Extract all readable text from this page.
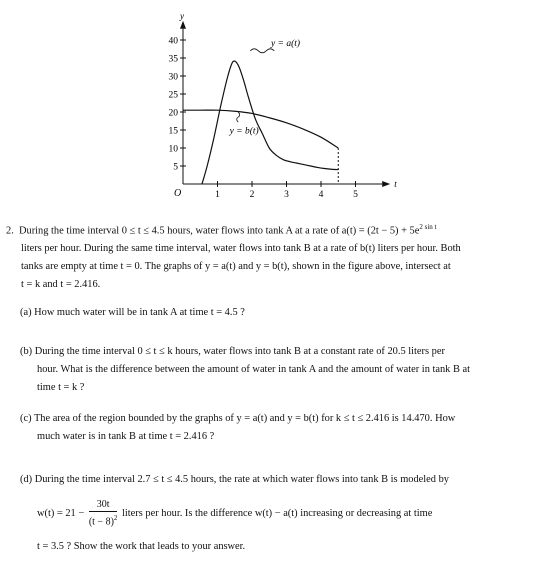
y
t
O	1	2	3	4	5
5
10
15
20
25
30
35
40	y = a(t)
y = b(t)

2. During the time interval 0 ≤ t ≤ 4.5 hours, water flows into tank A at a rate of $a(t) = (2t - 5) + 5e^{2 sin t}$

liters per hour. During the same time interval, water flows into tank B at a rate of b(t) liters per hour. Both

tanks are empty at time t = 0. The graphs of y = a(t) and y = b(t), shown in the figure above, intersect at

t = k and t = 2.416.

(a) How much water will be in tank A at time t = 4.5 ?

(b) During the time interval 0 ≤ t ≤ k hours, water flows into tank B at a constant rate of 20.5 liters per

hour. What is the difference between the amount of water in tank A and the amount of water in tank B at

time t = k ?

(c) The area of the region bounded by the graphs of y = a(t) and y = b(t) for k ≤ t ≤ 2.416 is 14.470. How

much water is in tank B at time t = 2.416 ?

(d) During the time interval 2.7 ≤ t ≤ 4.5 hours, the rate at which water flows into tank B is modeled by

$w(t) = 21 - \frac{30t}{(t - 8)^2}$ liters per hour. Is the difference w(t) − a(t) increasing or decreasing at time

t = 3.5 ? Show the work that leads to your answer.
